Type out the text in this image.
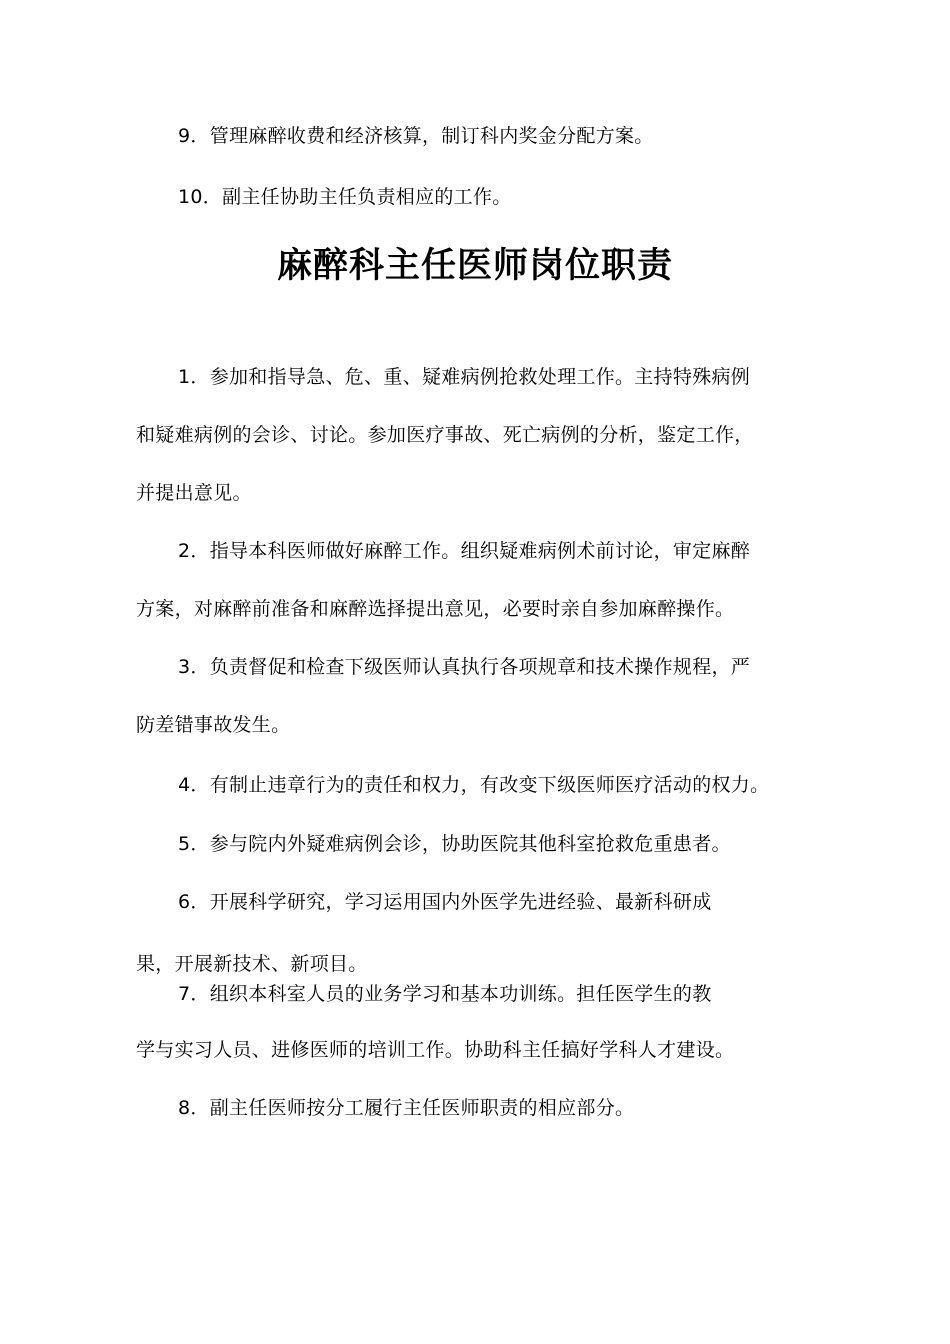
9．管理麻醉收费和经济核算，制订科内奖金分配方案。
10．副主任协助主任负责相应的工作。
麻醉科主任医师岗位职责
1．参加和指导急、危、重、疑难病例抢救处理工作。主持特殊病例
和疑难病例的会诊、讨论。参加医疗事故、死亡病例的分析，鉴定工作，
并提出意见。
2．指导本科医师做好麻醉工作。组织疑难病例术前讨论，审定麻醉
方案，对麻醉前准备和麻醉选择提出意见，必要时亲自参加麻醉操作。
3．负责督促和检查下级医师认真执行各项规章和技术操作规程，严
防差错事故发生。
4．有制止违章行为的责任和权力，有改变下级医师医疗活动的权力。
5．参与院内外疑难病例会诊，协助医院其他科室抢救危重患者。
6．开展科学研究，学习运用国内外医学先进经验、最新科研成
果，开展新技术、新项目。
7．组织本科室人员的业务学习和基本功训练。担任医学生的教
学与实习人员、进修医师的培训工作。协助科主任搞好学科人才建设。
8．副主任医师按分工履行主任医师职责的相应部分。
